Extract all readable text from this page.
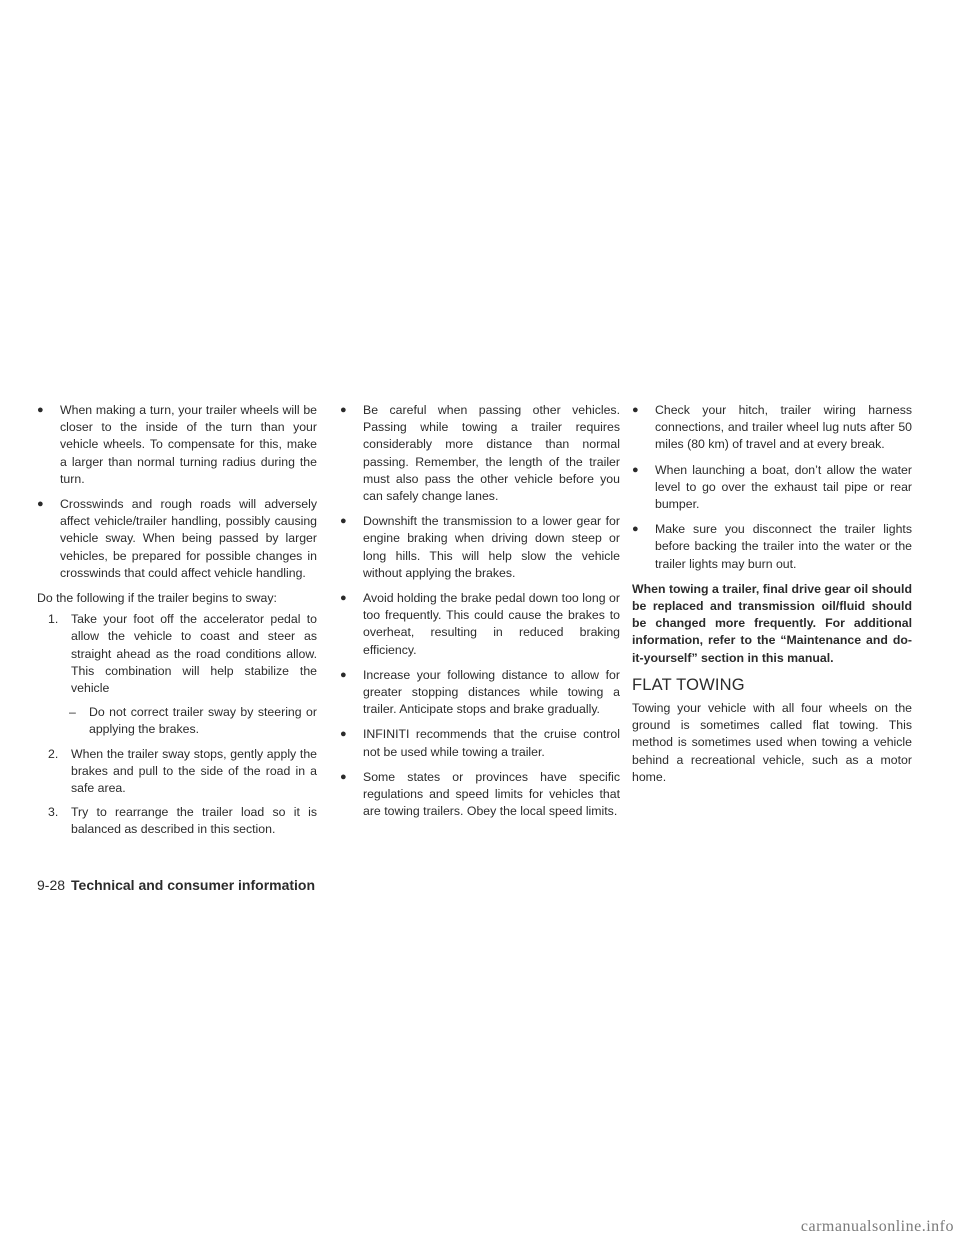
● When making a turn, your trailer wheels will be closer to the inside of the turn than your vehicle wheels. To compensate for this, make a larger than normal turning radius during the turn.
● Crosswinds and rough roads will adversely affect vehicle/trailer handling, possibly causing vehicle sway. When being passed by larger vehicles, be prepared for possible changes in crosswinds that could affect vehicle handling.

Do the following if the trailer begins to sway:

1. Take your foot off the accelerator pedal to allow the vehicle to coast and steer as straight ahead as the road conditions allow. This combination will help stabilize the vehicle
– Do not correct trailer sway by steering or applying the brakes.
2. When the trailer sway stops, gently apply the brakes and pull to the side of the road in a safe area.
3. Try to rearrange the trailer load so it is balanced as described in this section.
● Be careful when passing other vehicles. Passing while towing a trailer requires considerably more distance than normal passing. Remember, the length of the trailer must also pass the other vehicle before you can safely change lanes.
● Downshift the transmission to a lower gear for engine braking when driving down steep or long hills. This will help slow the vehicle without applying the brakes.
● Avoid holding the brake pedal down too long or too frequently. This could cause the brakes to overheat, resulting in reduced braking efficiency.
● Increase your following distance to allow for greater stopping distances while towing a trailer. Anticipate stops and brake gradually.
● INFINITI recommends that the cruise control not be used while towing a trailer.
● Some states or provinces have specific regulations and speed limits for vehicles that are towing trailers. Obey the local speed limits.
● Check your hitch, trailer wiring harness connections, and trailer wheel lug nuts after 50 miles (80 km) of travel and at every break.
● When launching a boat, don’t allow the water level to go over the exhaust tail pipe or rear bumper.
● Make sure you disconnect the trailer lights before backing the trailer into the water or the trailer lights may burn out.

When towing a trailer, final drive gear oil should be replaced and transmission oil/fluid should be changed more frequently. For additional information, refer to the “Maintenance and do-it-yourself” section in this manual.

FLAT TOWING

Towing your vehicle with all four wheels on the ground is sometimes called flat towing. This method is sometimes used when towing a vehicle behind a recreational vehicle, such as a motor home.

9-28 Technical and consumer information
carmanualsonline.info
